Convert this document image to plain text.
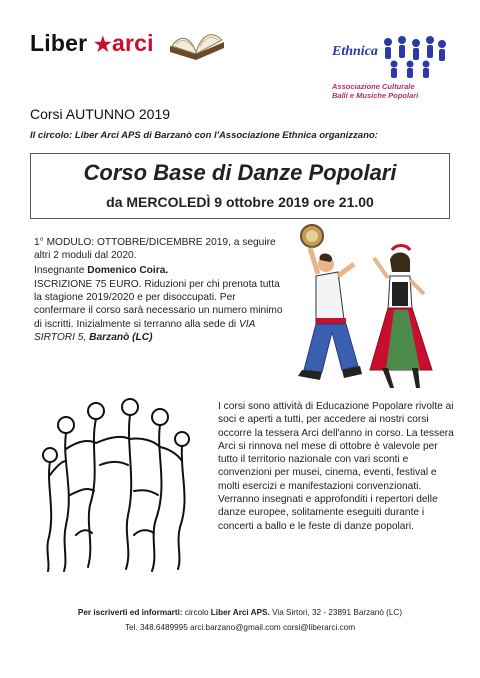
Liber ★arci	Ethnica
Associazione Culturale
Balli e Musiche Popolari
Corsi AUTUNNO 2019
Il circolo: Liber Arci APS di Barzanò con l'Associazione Ethnica organizzano:
Corso Base di Danze Popolari
da MERCOLEDÌ 9 ottobre 2019 ore 21.00

1° MODULO: OTTOBRE/DICEMBRE 2019, a seguire altri 2 moduli dal 2020.

Insegnante Domenico Coira.

ISCRIZIONE 75 EURO. Riduzioni per chi prenota tutta la stagione 2019/2020 e per disoccupati. Per confermare il corso sarà necessario un numero minimo di iscritti. Inizialmente si terranno alla sede di VIA SIRTORI 5, Barzanò (LC)

I corsi sono attività di Educazione Popolare rivolte ai soci e aperti a tutti, per accedere ai nostri corsi occorre la tessera Arci dell'anno in corso. La tessera Arci si rinnova nel mese di ottobre è valevole per tutto il territorio nazionale con vari sconti e convenzioni per musei, cinema, eventi, festival e molti esercizi e manifestazioni convenzionati. Verranno insegnati e approfonditi i repertori delle danze europee, solitamente eseguiti durante i concerti a ballo e le feste di danze popolari.

Per iscriverti ed informarti: circolo Liber Arci APS. Via Sirtori, 32 - 23891 Barzanò (LC)
Tel. 348.6489995 arci.barzano@gmail.com corsi@liberarci.com
